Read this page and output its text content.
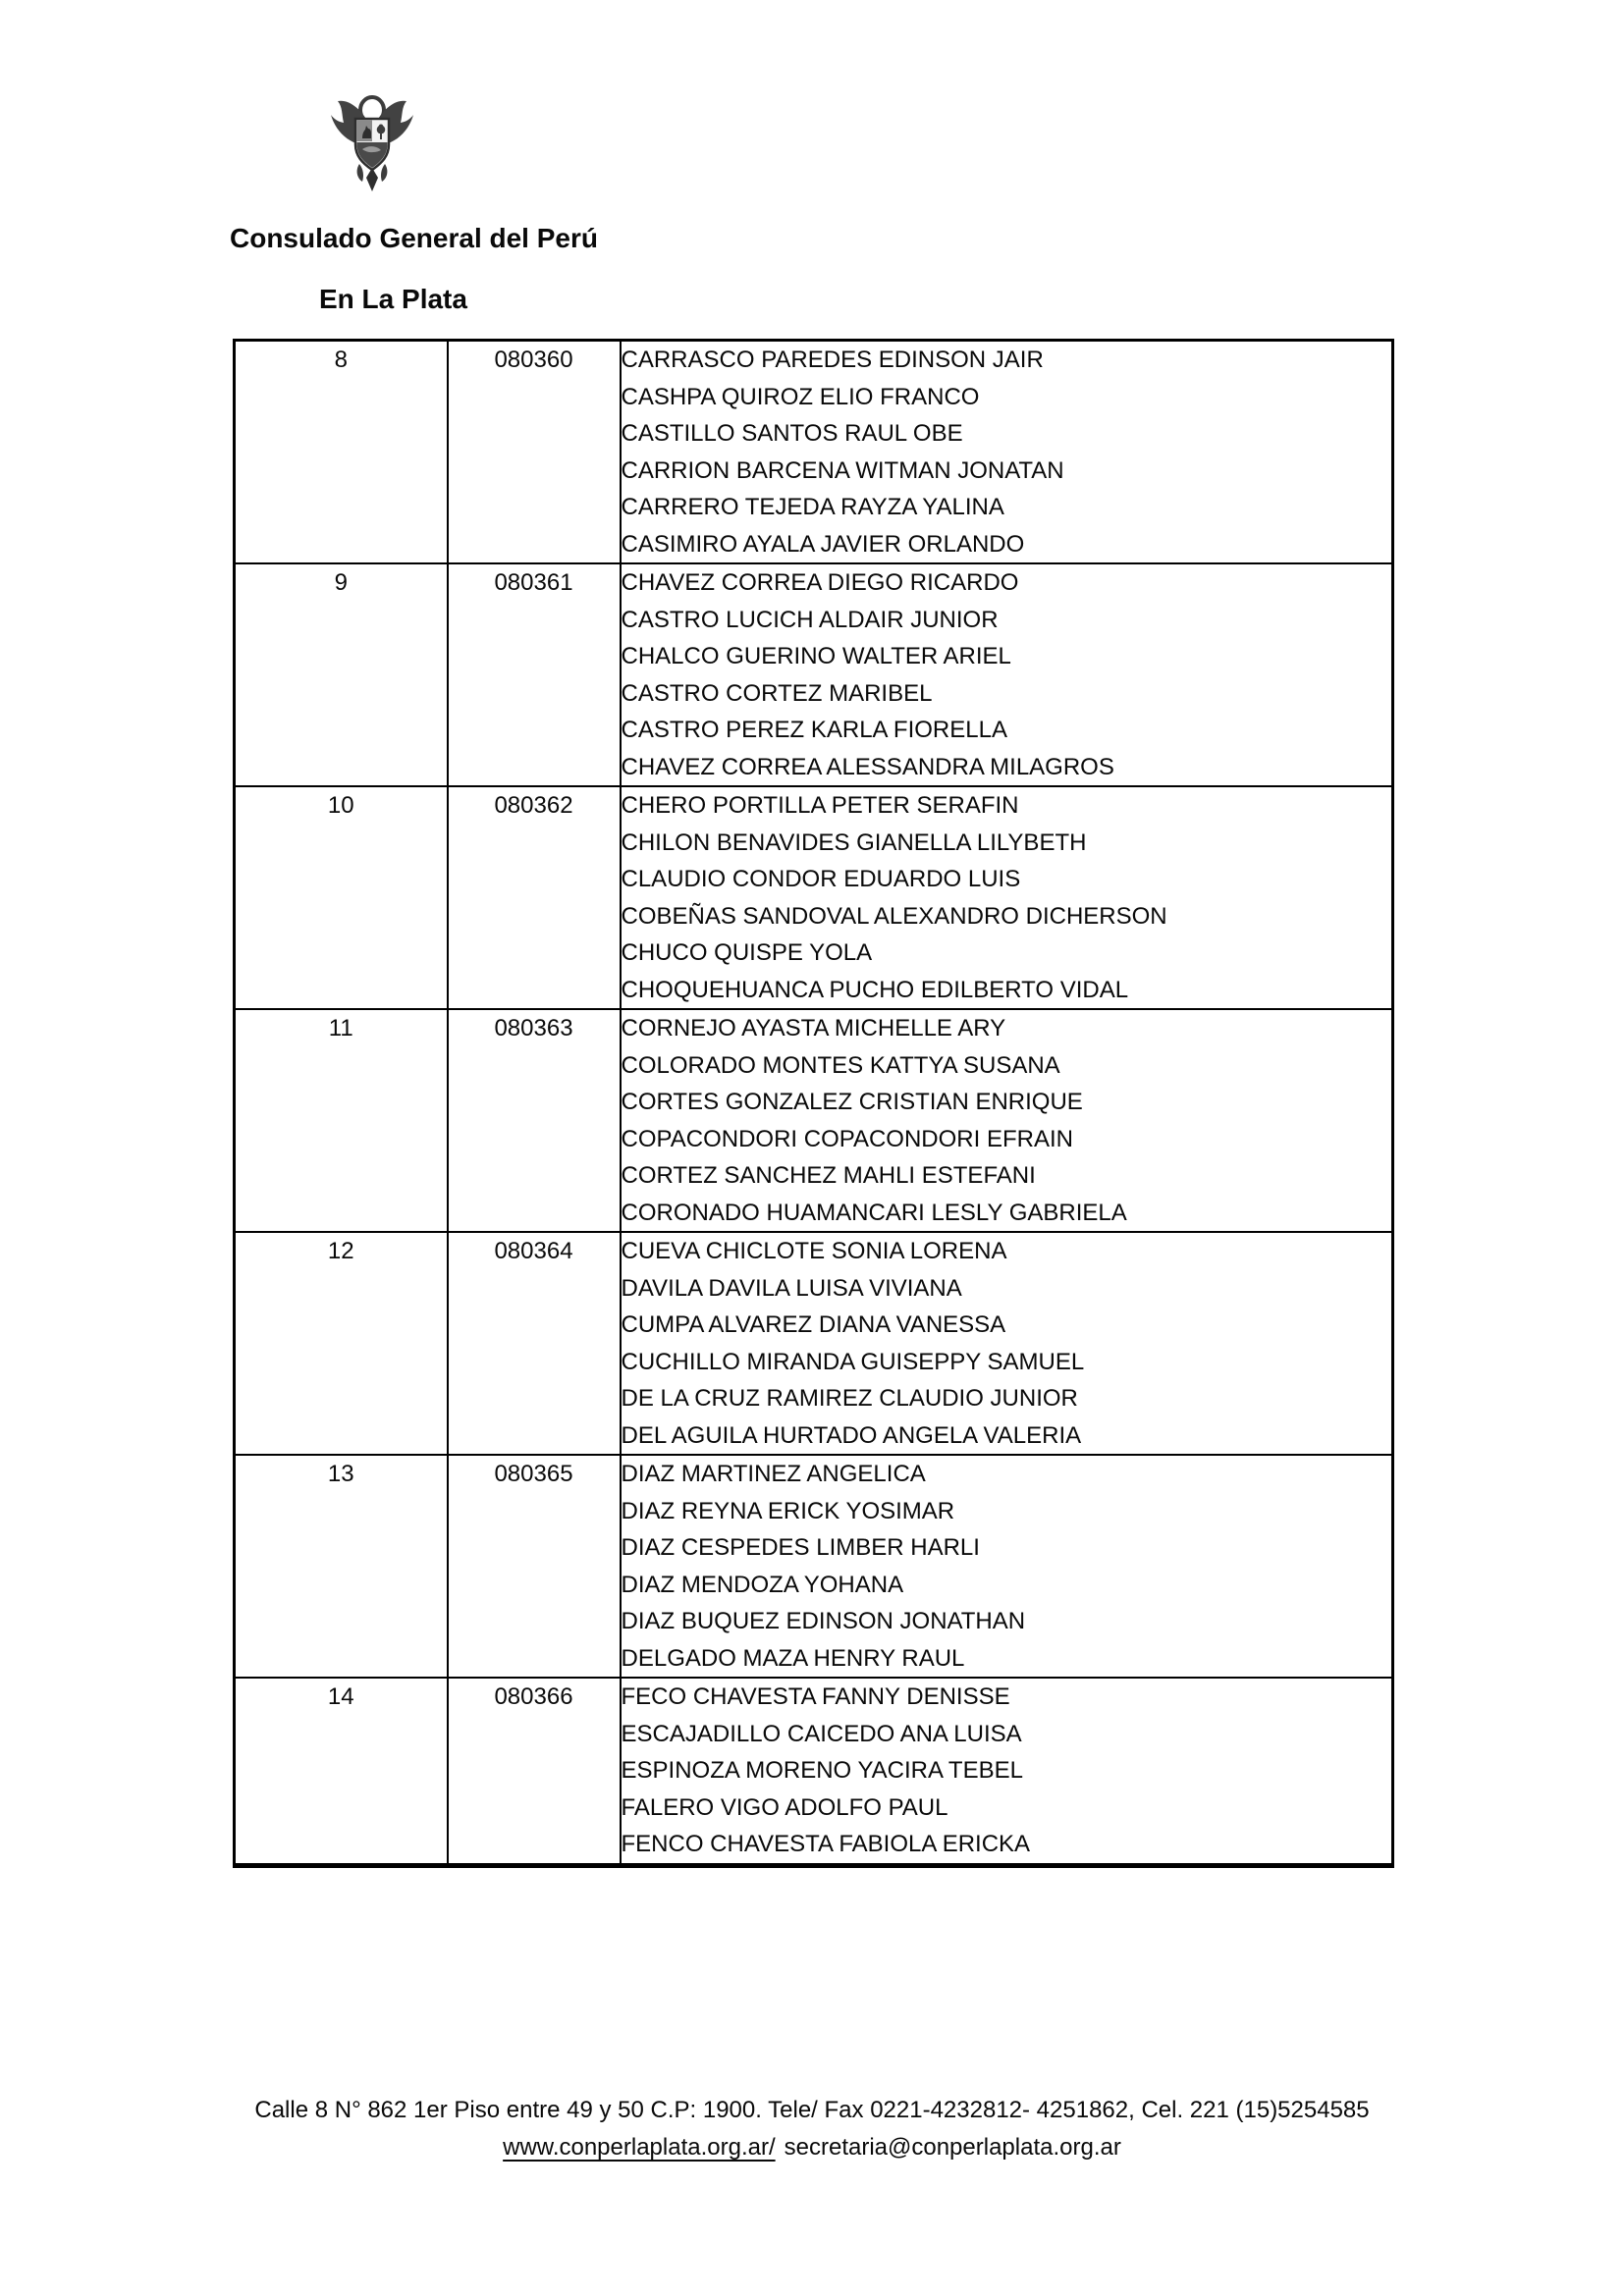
Consulado General del Perú
En La Plata
8	080360	CARRASCO PAREDES EDINSON JAIR
CASHPA QUIROZ ELIO FRANCO
CASTILLO SANTOS RAUL OBE
CARRION BARCENA WITMAN JONATAN
CARRERO TEJEDA RAYZA YALINA
CASIMIRO AYALA JAVIER ORLANDO

9	080361	CHAVEZ CORREA DIEGO RICARDO
CASTRO LUCICH ALDAIR JUNIOR
CHALCO GUERINO WALTER ARIEL
CASTRO CORTEZ MARIBEL
CASTRO PEREZ KARLA FIORELLA
CHAVEZ CORREA ALESSANDRA MILAGROS

10	080362	CHERO PORTILLA PETER SERAFIN
CHILON BENAVIDES GIANELLA LILYBETH
CLAUDIO CONDOR EDUARDO LUIS
COBEÑAS SANDOVAL ALEXANDRO DICHERSON
CHUCO QUISPE YOLA
CHOQUEHUANCA PUCHO EDILBERTO VIDAL

11	080363	CORNEJO AYASTA MICHELLE ARY
COLORADO MONTES KATTYA SUSANA
CORTES GONZALEZ CRISTIAN ENRIQUE
COPACONDORI COPACONDORI EFRAIN
CORTEZ SANCHEZ MAHLI ESTEFANI
CORONADO HUAMANCARI LESLY GABRIELA

12	080364	CUEVA CHICLOTE SONIA LORENA
DAVILA DAVILA LUISA VIVIANA
CUMPA ALVAREZ DIANA VANESSA
CUCHILLO MIRANDA GUISEPPY SAMUEL
DE LA CRUZ RAMIREZ CLAUDIO JUNIOR
DEL AGUILA HURTADO ANGELA VALERIA

13	080365	DIAZ MARTINEZ ANGELICA
DIAZ REYNA ERICK YOSIMAR
DIAZ CESPEDES LIMBER HARLI
DIAZ MENDOZA YOHANA
DIAZ BUQUEZ EDINSON JONATHAN
DELGADO MAZA HENRY RAUL

14	080366	FECO CHAVESTA FANNY DENISSE
ESCAJADILLO CAICEDO ANA LUISA
ESPINOZA MORENO YACIRA TEBEL
FALERO VIGO ADOLFO PAUL
FENCO CHAVESTA FABIOLA ERICKA
Calle 8 N° 862 1er Piso entre 49 y 50 C.P: 1900. Tele/ Fax 0221-4232812- 4251862, Cel. 221 (15)5254585
www.conperlaplata.org.ar/ secretaria@conperlaplata.org.ar
